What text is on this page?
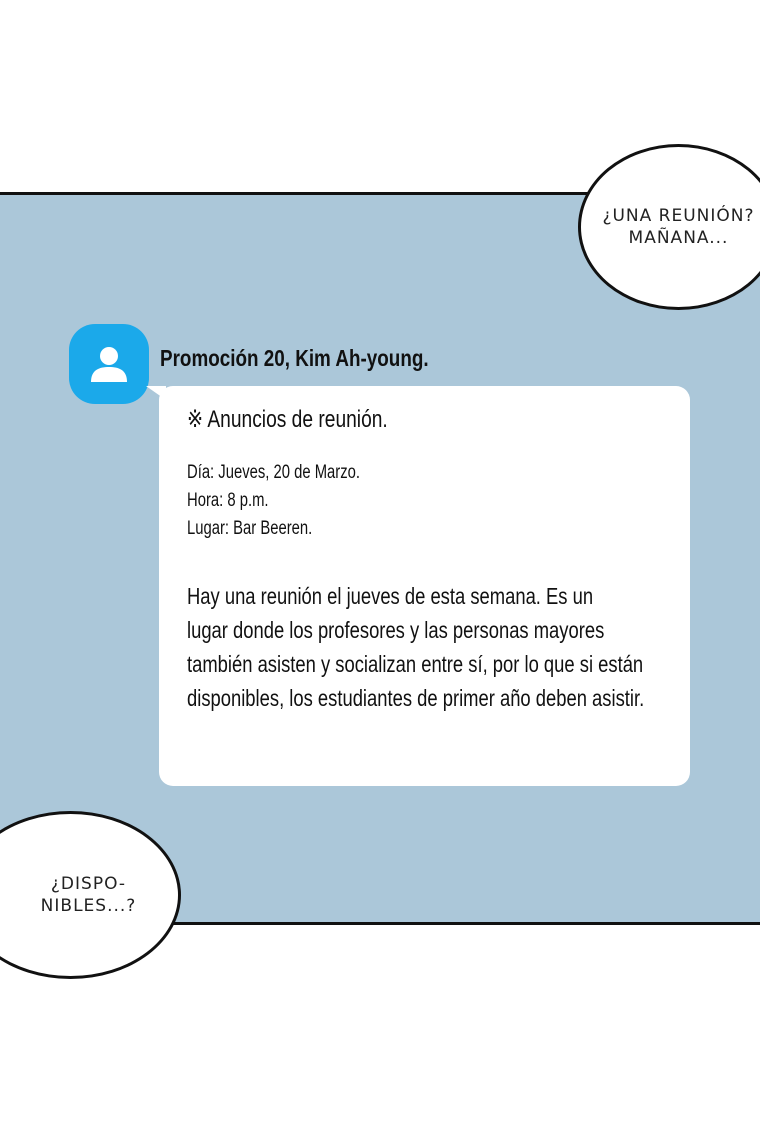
Promoción 20, Kim Ah-young.
※ Anuncios de reunión.
Día: Jueves, 20 de Marzo.
Hora: 8 p.m.
Lugar: Bar Beeren.
Hay una reunión el jueves de esta semana. Es un
lugar donde los profesores y las personas mayores
también asisten y socializan entre sí, por lo que si están
disponibles, los estudiantes de primer año deben asistir.
¿UNA REUNIÓN?
MAÑANA...
¿DISPO-
NIBLES...?
